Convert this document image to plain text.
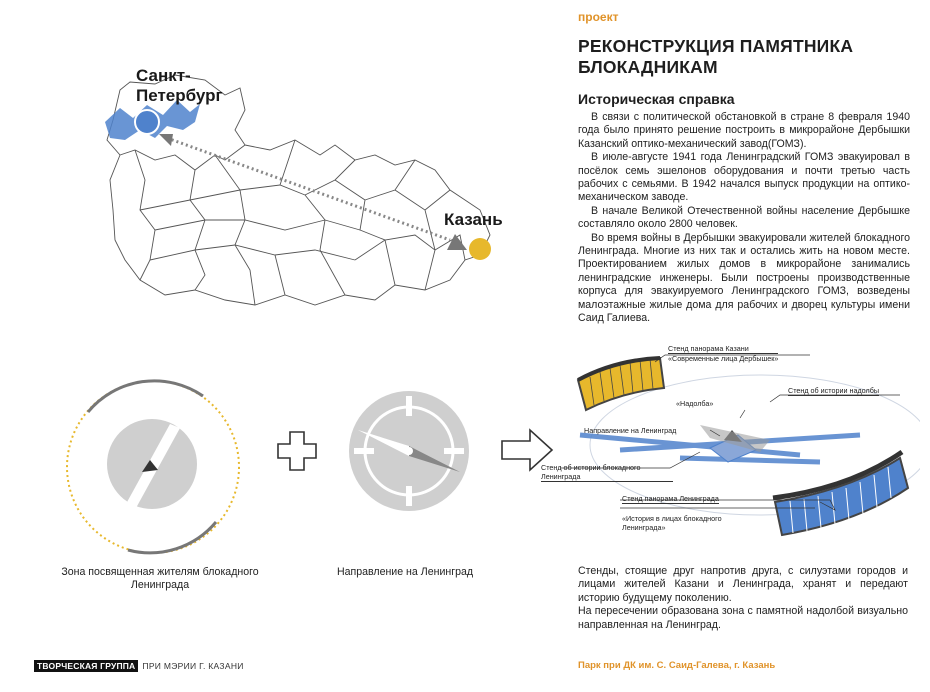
Санкт-
Петербург
Казань
Зона посвященная жителям блокадного Ленинграда
Направление на Ленинград
проект
РЕКОНСТРУКЦИЯ ПАМЯТНИКА БЛОКАДНИКАМ
Историческая справка

В связи с политической обстановкой в стране 8 февраля 1940 года было принято решение построить в микрорайоне Дербышки Казанский оптико-механический завод(ГОМЗ).

В июле-августе 1941 года Ленинградский ГОМЗ эвакуировал в посёлок семь эшелонов оборудования и почти третью часть рабочих с семьями. В 1942 начался выпуск продукции на оптико-механическом заводе.

В начале Великой Отечественной войны население Дербышке составляло около 2800 человек.

Во время войны в Дербышки эвакуировали жителей блокадного Ленинграда. Многие из них так и остались жить на новом месте. Проектированием жилых домов в микрорайоне занимались ленинградские инженеры. Были построены производственные корпуса для эвакуируемого Ленинградского ГОМЗ, возведены малоэтажные жилые дома для рабочих и дворец культуры имени Саид Галиева.

Стенд панорама Казани
«Современные лица Дербышек»
Стенд об истории надолбы
«Надолба»
Направление на Ленинград
Стенд об истории блокадного Ленинграда
Стенд панорама Ленинграда
«История в лицах блокадного Ленинграда»

Стенды, стоящие друг напротив друга, с силуэтами городов и лицами жителей Казани и Ленинграда, хранят и передают историю будущему поколению.

На пересечении образована зона с памятной надолбой визуально направленная на Ленинград.

ТВОРЧЕСКАЯ ГРУППА ПРИ МЭРИИ Г. КАЗАНИ	Парк при ДК им. С. Саид-Галева, г. Казань
